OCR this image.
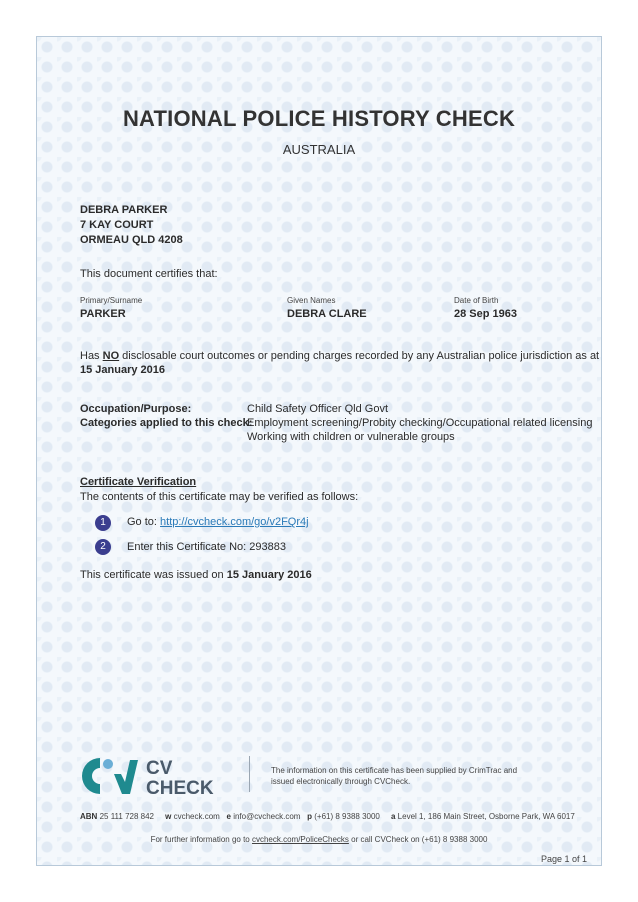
NATIONAL POLICE HISTORY CHECK
AUSTRALIA
DEBRA PARKER
7 KAY COURT
ORMEAU QLD 4208
This document certifies that:
Primary/Surname
PARKER
Given Names
DEBRA CLARE
Date of Birth
28 Sep 1963
Has NO disclosable court outcomes or pending charges recorded by any Australian police jurisdiction as at
15 January 2016
Occupation/Purpose:	Child Safety Officer Qld Govt
Categories applied to this check:
Employment screening/Probity checking/Occupational related licensing
Working with children or vulnerable groups
Certificate Verification
The contents of this certificate may be verified as follows:
1	Go to: http://cvcheck.com/go/v2FQr4j
2	Enter this Certificate No: 293883
This certificate was issued on 15 January 2016
CV
CHECK
The information on this certificate has been supplied by CrimTrac and
issued electronically through CVCheck.
ABN 25 111 728 842 w cvcheck.com e info@cvcheck.com p (+61) 8 9388 3000 a Level 1, 186 Main Street, Osborne Park, WA 6017
For further information go to cvcheck.com/PoliceChecks or call CVCheck on (+61) 8 9388 3000
Page 1 of 1
